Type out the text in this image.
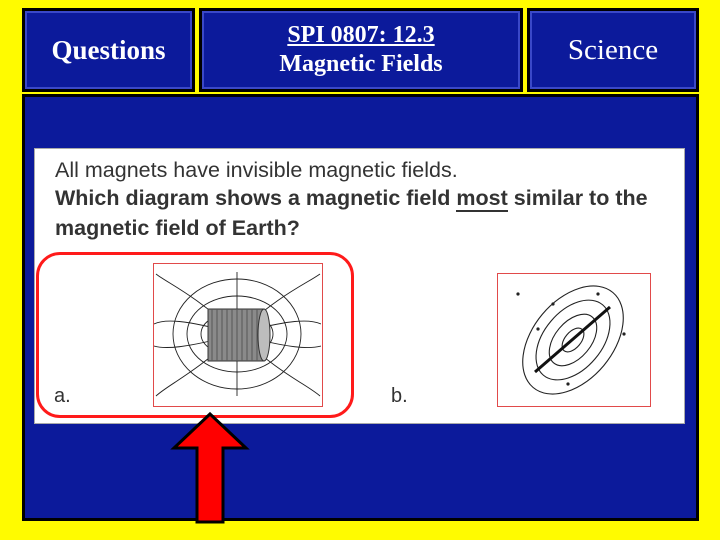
Questions	SPI 0807: 12.3
Magnetic Fields	Science
All magnets have invisible magnetic fields.
Which diagram shows a magnetic field most similar to the
magnetic field of Earth?
a.	b.
